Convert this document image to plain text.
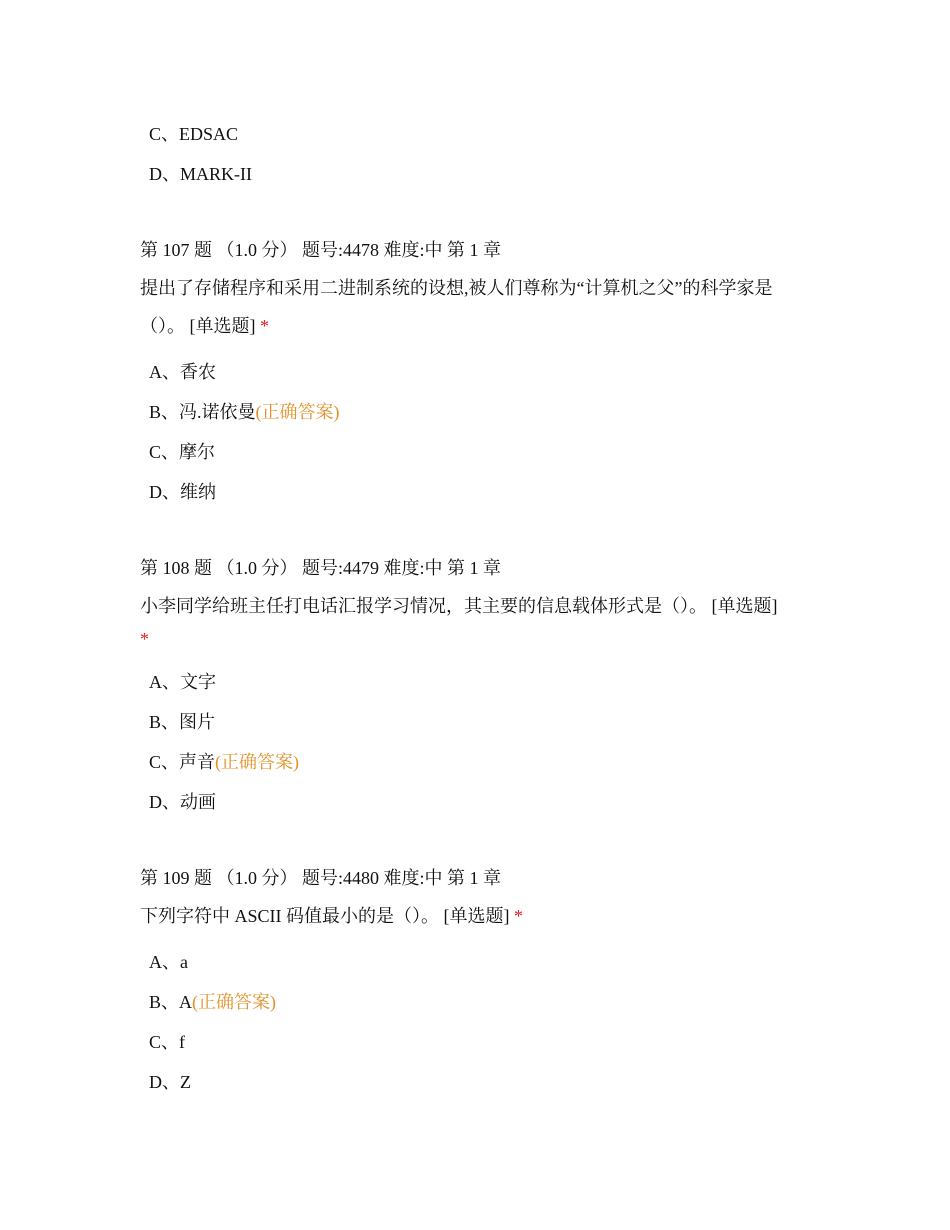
C、EDSAC
D、MARK-II
第 107 题 （1.0 分） 题号:4478 难度:中 第 1 章
提出了存储程序和采用二进制系统的设想,被人们尊称为“计算机之父”的科学家是
（）。 [单选题] *
A、香农
B、冯.诺依曼(正确答案)
C、摩尔
D、维纳
第 108 题 （1.0 分） 题号:4479 难度:中 第 1 章
小李同学给班主任打电话汇报学习情况，其主要的信息载体形式是（）。 [单选题]
*
A、文字
B、图片
C、声音(正确答案)
D、动画
第 109 题 （1.0 分） 题号:4480 难度:中 第 1 章
下列字符中 ASCII 码值最小的是（）。 [单选题] *
A、a
B、A(正确答案)
C、f
D、Z
